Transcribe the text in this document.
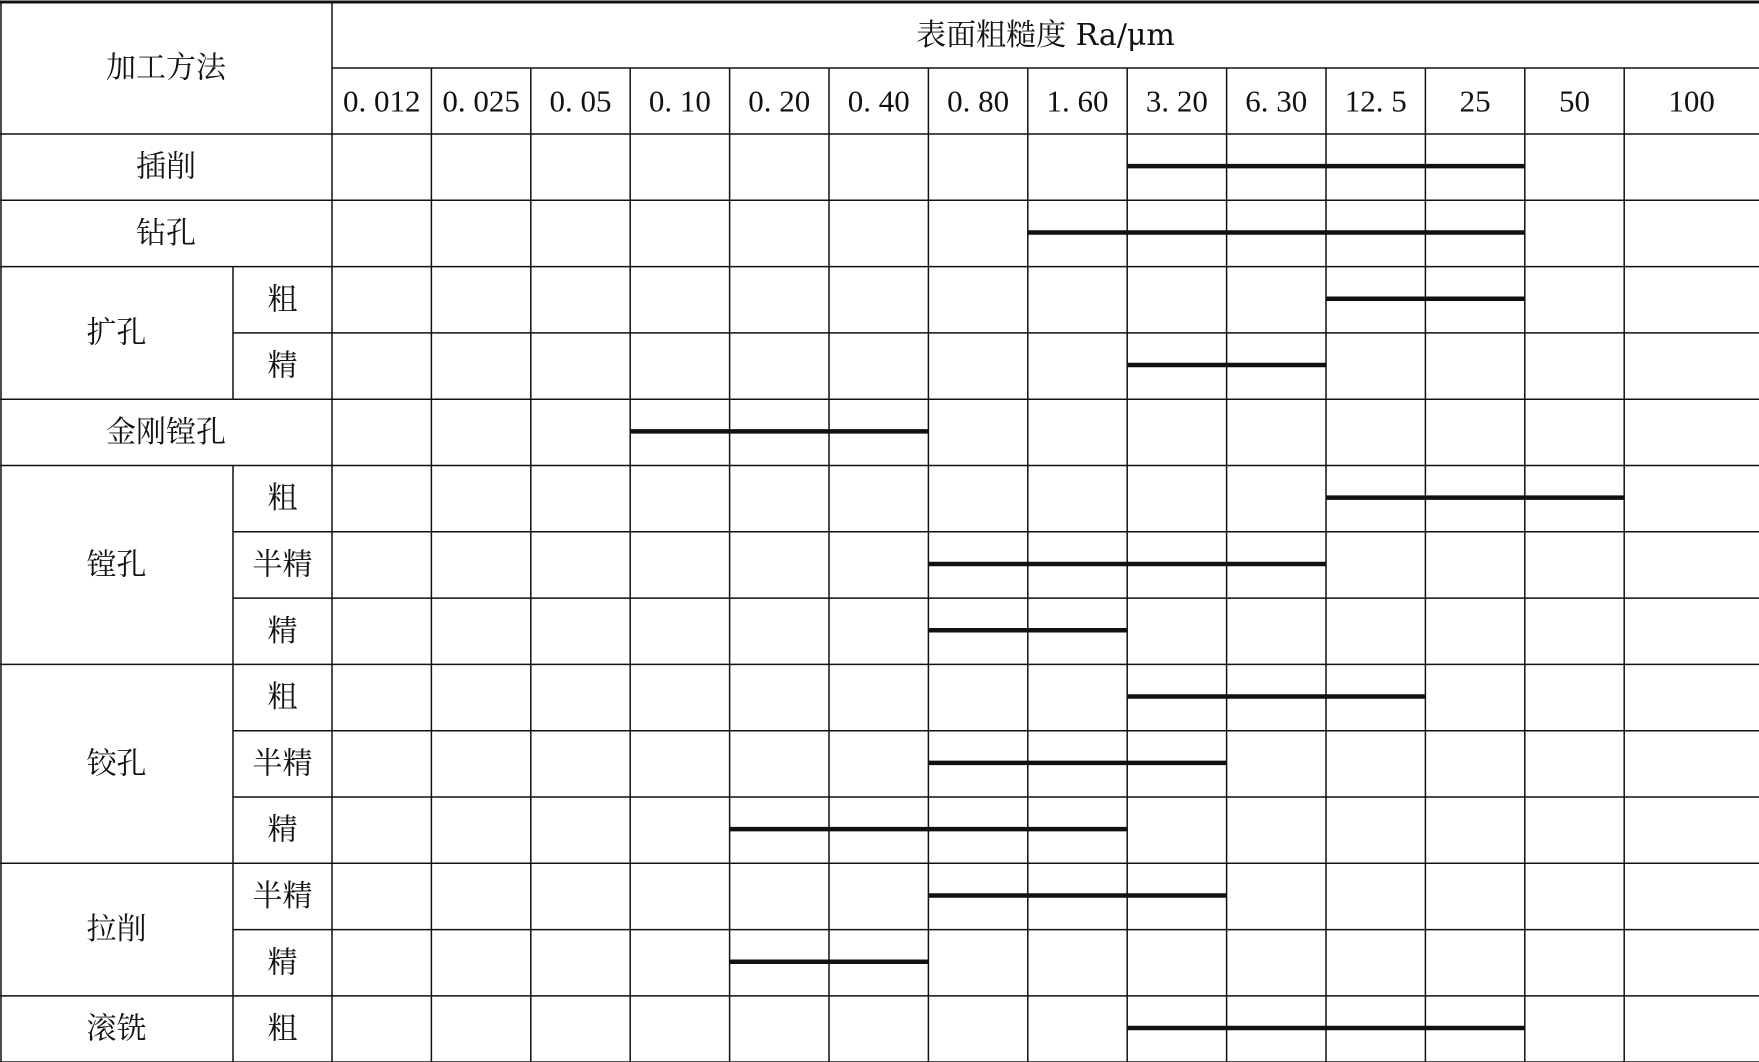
加工方法
表面粗糙度 Ra/μm
0. 012 0. 025 0. 05 0. 10 0. 20 0. 40 0. 80 1. 60 3. 20 6. 30 12. 5 25 50	100
插削
钻孔
扩孔
粗
精
金刚镗孔
镗孔
粗
半精
精
铰孔
粗
半精
精
拉削
半精
精
滚铣	粗
